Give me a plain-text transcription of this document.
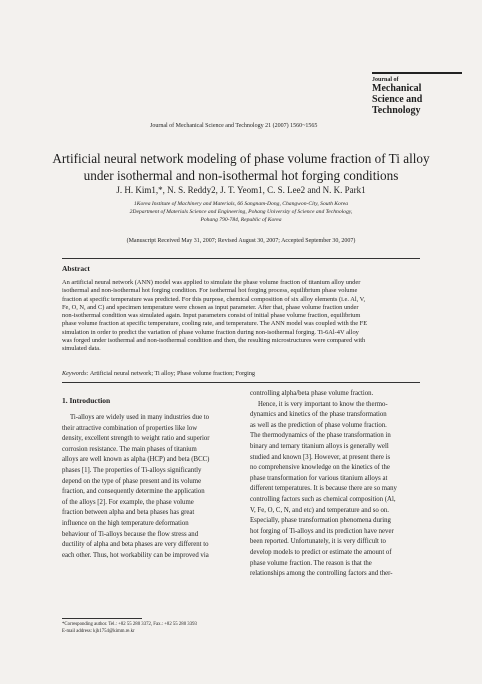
Journal of
Mechanical
Science and
Technology
Journal of Mechanical Science and Technology 21 (2007) 1560~1565
Artificial neural network modeling of phase volume fraction of Ti alloy
under isothermal and non-isothermal hot forging conditions
J. H. Kim1,*, N. S. Reddy2, J. T. Yeom1, C. S. Lee2 and N. K. Park1
1Korea Institute of Machinery and Materials, 66 Sangnam-Dong, Changwon-City, South Korea
2Department of Materials Science and Engineering, Pohang University of Science and Technology,
Pohang 790-784, Republic of Korea
(Manuscript Received May 31, 2007; Revised August 30, 2007; Accepted September 30, 2007)
Abstract
An artificial neural network (ANN) model was applied to simulate the phase volume fraction of titanium alloy under
isothermal and non-isothermal hot forging condition. For isothermal hot forging process, equilibrium phase volume
fraction at specific temperature was predicted. For this purpose, chemical composition of six alloy elements (i.e. Al, V,
Fe, O, N, and C) and specimen temperature were chosen as input parameter. After that, phase volume fraction under
non-isothermal condition was simulated again. Input parameters consist of initial phase volume fraction, equilibrium
phase volume fraction at specific temperature, cooling rate, and temperature. The ANN model was coupled with the FE
simulation in order to predict the variation of phase volume fraction during non-isothermal forging. Ti-6Al-4V alloy
was forged under isothermal and non-isothermal condition and then, the resulting microstructures were compared with
simulated data.
Keywords: Artificial neural network; Ti alloy; Phase volume fraction; Forging
1. Introduction
Ti-alloys are widely used in many industries due to
their attractive combination of properties like low
density, excellent strength to weight ratio and superior
corrosion resistance. The main phases of titanium
alloys are well known as alpha (HCP) and beta (BCC)
phases [1]. The properties of Ti-alloys significantly
depend on the type of phase present and its volume
fraction, and consequently determine the application
of the alloys [2]. For example, the phase volume
fraction between alpha and beta phases has great
influence on the high temperature deformation
behaviour of Ti-alloys because the flow stress and
ductility of alpha and beta phases are very different to
each other. Thus, hot workability can be improved via
controlling alpha/beta phase volume fraction.
Hence, it is very important to know the thermo-
dynamics and kinetics of the phase transformation
as well as the prediction of phase volume fraction.
The thermodynamics of the phase transformation in
binary and ternary titanium alloys is generally well
studied and known [3]. However, at present there is
no comprehensive knowledge on the kinetics of the
phase transformation for various titanium alloys at
different temperatures. It is because there are so many
controlling factors such as chemical composition (Al,
V, Fe, O, C, N, and etc) and temperature and so on.
Especially, phase transformation phenomena during
hot forging of Ti-alloys and its prediction have never
been reported. Unfortunately, it is very difficult to
develop models to predict or estimate the amount of
phase volume fraction. The reason is that the
relationships among the controlling factors and ther-
*Corresponding author. Tel.: +82 55 280 3372, Fax.: +82 55 280 3393
E-mail address: kjh1754@kimm.re.kr
